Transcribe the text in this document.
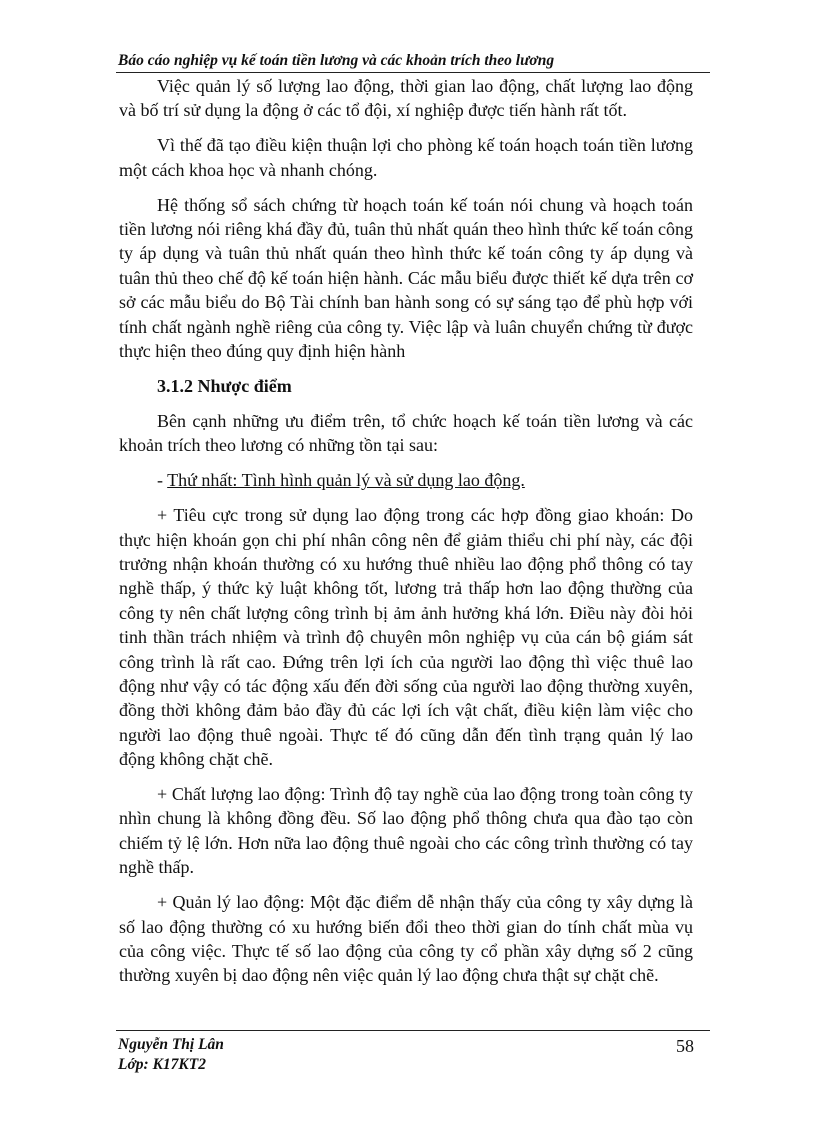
Báo cáo nghiệp vụ kế toán tiền lương và các khoản trích theo lương

Việc quản lý số lượng lao động, thời gian lao động, chất lượng lao động và bố trí sử dụng la động ở các tổ đội, xí nghiệp được tiến hành rất tốt.

Vì thế đã tạo điều kiện thuận lợi cho phòng kế toán hoạch toán tiền lương một cách khoa học và nhanh chóng.

Hệ thống sổ sách chứng từ hoạch toán kế toán nói chung và hoạch toán tiền lương nói riêng khá đầy đủ, tuân thủ nhất quán theo hình thức kế toán công ty áp dụng và tuân thủ nhất quán theo hình thức kế toán công ty áp dụng và tuân thủ theo chế độ kế toán hiện hành. Các mẫu biểu được thiết kế dựa trên cơ sở các mẫu biểu do Bộ Tài chính ban hành song có sự sáng tạo để phù hợp với tính chất ngành nghề riêng của công ty. Việc lập và luân chuyển chứng từ được thực hiện theo đúng quy định hiện hành

3.1.2 Nhược điểm

Bên cạnh những ưu điểm trên, tổ chức hoạch kế toán tiền lương và các khoản trích theo lương có những tồn tại sau:

- Thứ nhất: Tình hình quản lý và sử dụng lao động.

+ Tiêu cực trong sử dụng lao động trong các hợp đồng giao khoán: Do thực hiện khoán gọn chi phí nhân công nên để giảm thiểu chi phí này, các đội trưởng nhận khoán thường có xu hướng thuê nhiều lao động phổ thông có tay nghề thấp, ý thức kỷ luật không tốt, lương trả thấp hơn lao động thường của công ty nên chất lượng công trình bị ảm ảnh hưởng khá lớn. Điều này đòi hỏi tinh thần trách nhiệm và trình độ chuyên môn nghiệp vụ của cán bộ giám sát công trình là rất cao. Đứng trên lợi ích của người lao động thì việc thuê lao động như vậy có tác động xấu đến đời sống của người lao động thường xuyên, đồng thời không đảm bảo đầy đủ các lợi ích vật chất, điều kiện làm việc cho người lao động thuê ngoài. Thực tế đó cũng dẫn đến tình trạng quản lý lao động không chặt chẽ.

+ Chất lượng lao động: Trình độ tay nghề của lao động trong toàn công ty nhìn chung là không đồng đều. Số lao động phổ thông chưa qua đào tạo còn chiếm tỷ lệ lớn. Hơn nữa lao động thuê ngoài cho các công trình thường có tay nghề thấp.

+ Quản lý lao động: Một đặc điểm dễ nhận thấy của công ty xây dựng là số lao động thường có xu hướng biến đổi theo thời gian do tính chất mùa vụ của công việc. Thực tế số lao động của công ty cổ phần xây dựng số 2 cũng thường xuyên bị dao động nên việc quản lý lao động chưa thật sự chặt chẽ.

Nguyễn Thị Lân
Lớp: K17KT2
58
